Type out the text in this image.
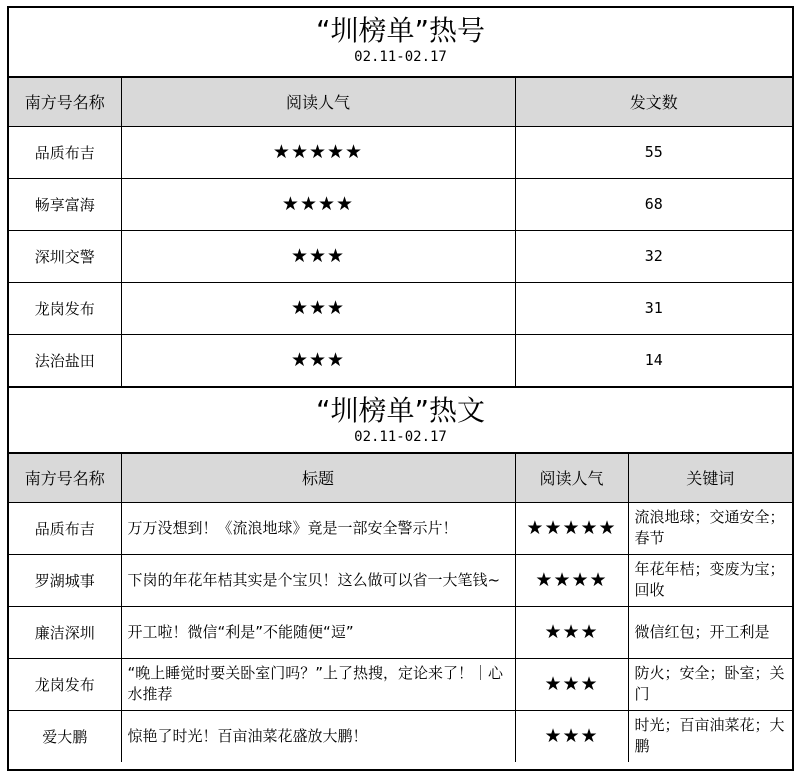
“圳榜单”热号
02.11-02.17
南方号名称	阅读人气	发文数
品质布吉	★★★★★	55
畅享富海	★★★★	68
深圳交警	★★★	32
龙岗发布	★★★	31
法治盐田	★★★	14
“圳榜单”热文
02.11-02.17
南方号名称	标题	阅读人气	关键词
品质布吉	万万没想到！《流浪地球》竟是一部安全警示片！	★★★★★	流浪地球；交通安全；春节
罗湖城事	下岗的年花年桔其实是个宝贝！这么做可以省一大笔钱~	★★★★	年花年桔；变废为宝；回收
廉洁深圳	开工啦！微信“利是”不能随便“逗”	★★★	微信红包；开工利是
龙岗发布	“晚上睡觉时要关卧室门吗？”上了热搜，定论来了！｜心水推荐	★★★	防火；安全；卧室；关门
爱大鹏	惊艳了时光！百亩油菜花盛放大鹏！	★★★	时光；百亩油菜花；大鹏
